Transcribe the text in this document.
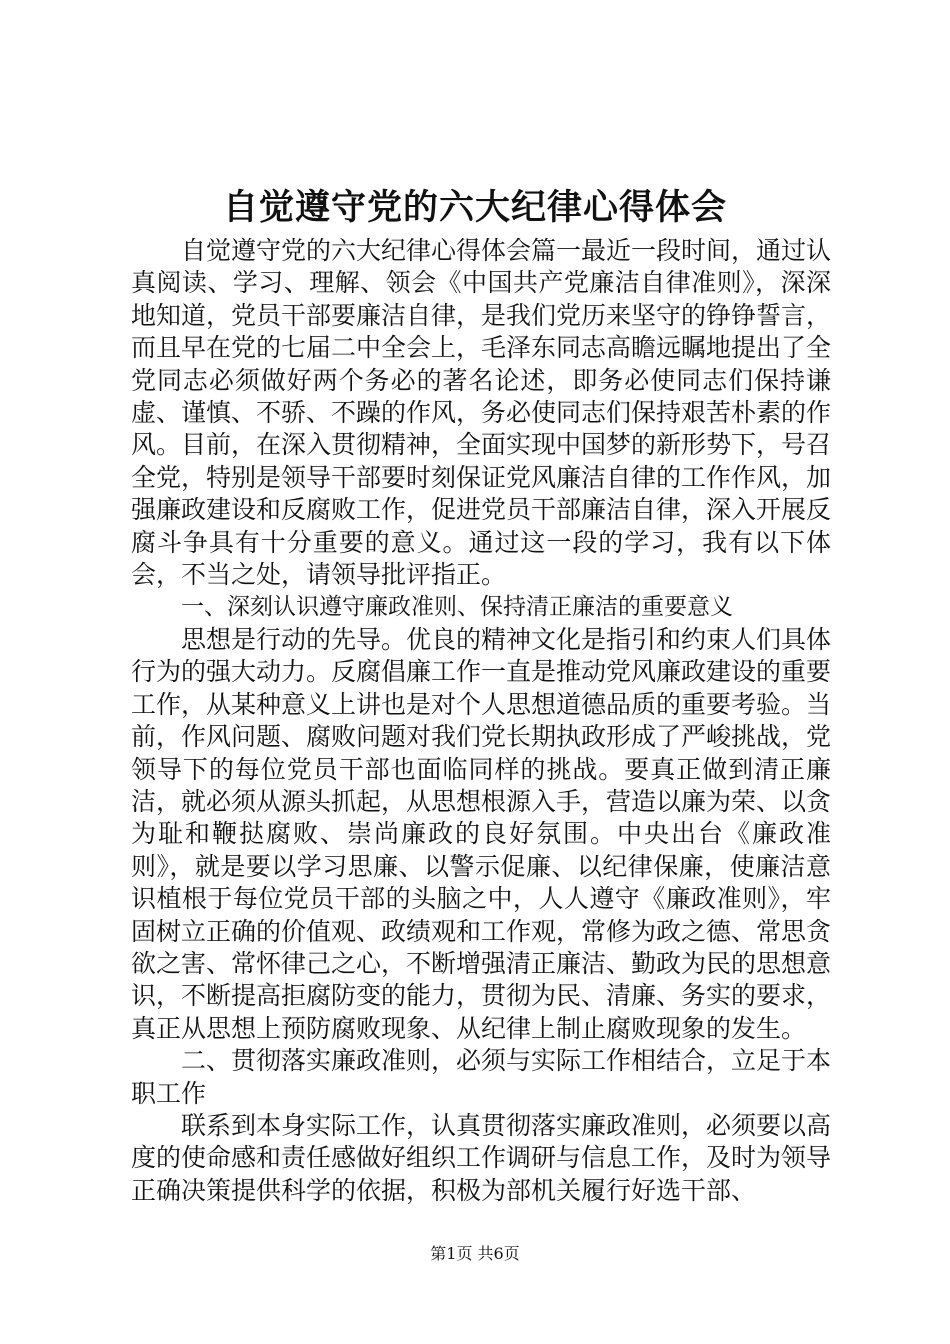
自觉遵守党的六大纪律心得体会

自觉遵守党的六大纪律心得体会篇一最近一段时间，通过认真阅读、学习、理解、领会《中国共产党廉洁自律准则》，深深地知道，党员干部要廉洁自律，是我们党历来坚守的铮铮誓言，而且早在党的七届二中全会上，毛泽东同志高瞻远瞩地提出了全党同志必须做好两个务必的著名论述，即务必使同志们保持谦虚、谨慎、不骄、不躁的作风，务必使同志们保持艰苦朴素的作风。目前，在深入贯彻精神，全面实现中国梦的新形势下，号召全党，特别是领导干部要时刻保证党风廉洁自律的工作作风，加强廉政建设和反腐败工作，促进党员干部廉洁自律，深入开展反腐斗争具有十分重要的意义。通过这一段的学习，我有以下体会，不当之处，请领导批评指正。

一、深刻认识遵守廉政准则、保持清正廉洁的重要意义

思想是行动的先导。优良的精神文化是指引和约束人们具体行为的强大动力。反腐倡廉工作一直是推动党风廉政建设的重要工作，从某种意义上讲也是对个人思想道德品质的重要考验。当前，作风问题、腐败问题对我们党长期执政形成了严峻挑战，党领导下的每位党员干部也面临同样的挑战。要真正做到清正廉洁，就必须从源头抓起，从思想根源入手，营造以廉为荣、以贪为耻和鞭挞腐败、崇尚廉政的良好氛围。中央出台《廉政准则》，就是要以学习思廉、以警示促廉、以纪律保廉，使廉洁意识植根于每位党员干部的头脑之中，人人遵守《廉政准则》，牢固树立正确的价值观、政绩观和工作观，常修为政之德、常思贪欲之害、常怀律己之心，不断增强清正廉洁、勤政为民的思想意识，不断提高拒腐防变的能力，贯彻为民、清廉、务实的要求，真正从思想上预防腐败现象、从纪律上制止腐败现象的发生。

二、贯彻落实廉政准则，必须与实际工作相结合，立足于本职工作

联系到本身实际工作，认真贯彻落实廉政准则，必须要以高度的使命感和责任感做好组织工作调研与信息工作，及时为领导正确决策提供科学的依据，积极为部机关履行好选干部、

第1页 共6页
